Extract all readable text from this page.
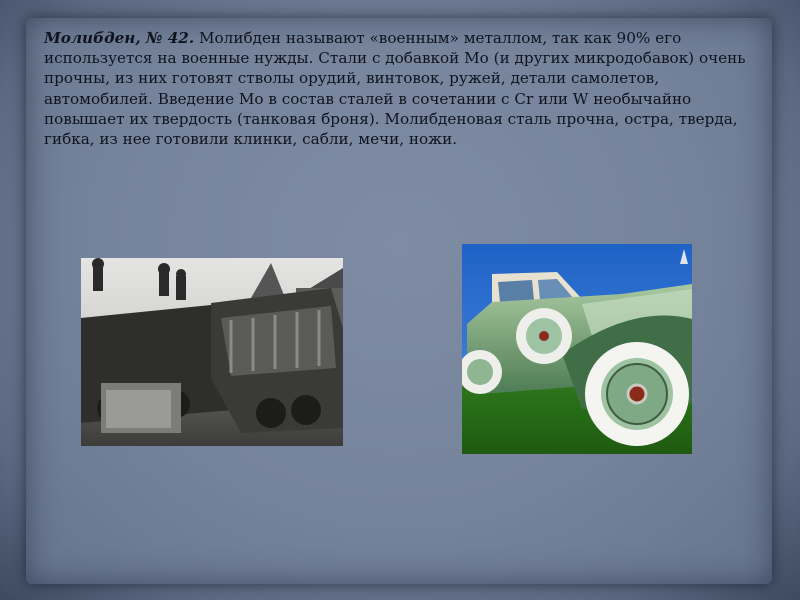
Молибден, № 42. Молибден называют «военным» металлом, так как 90% его используется на военные нужды. Стали с добавкой Мо (и других микродобавок) очень прочны, из них готовят стволы орудий, винтовок, ружей, детали самолетов, автомобилей. Введение Мо в состав сталей в сочетании с Cr или W необычайно повышает их твердость (танковая броня). Молибденовая сталь прочна, остра, тверда, гибка, из нее готовили клинки, сабли, мечи, ножи.
